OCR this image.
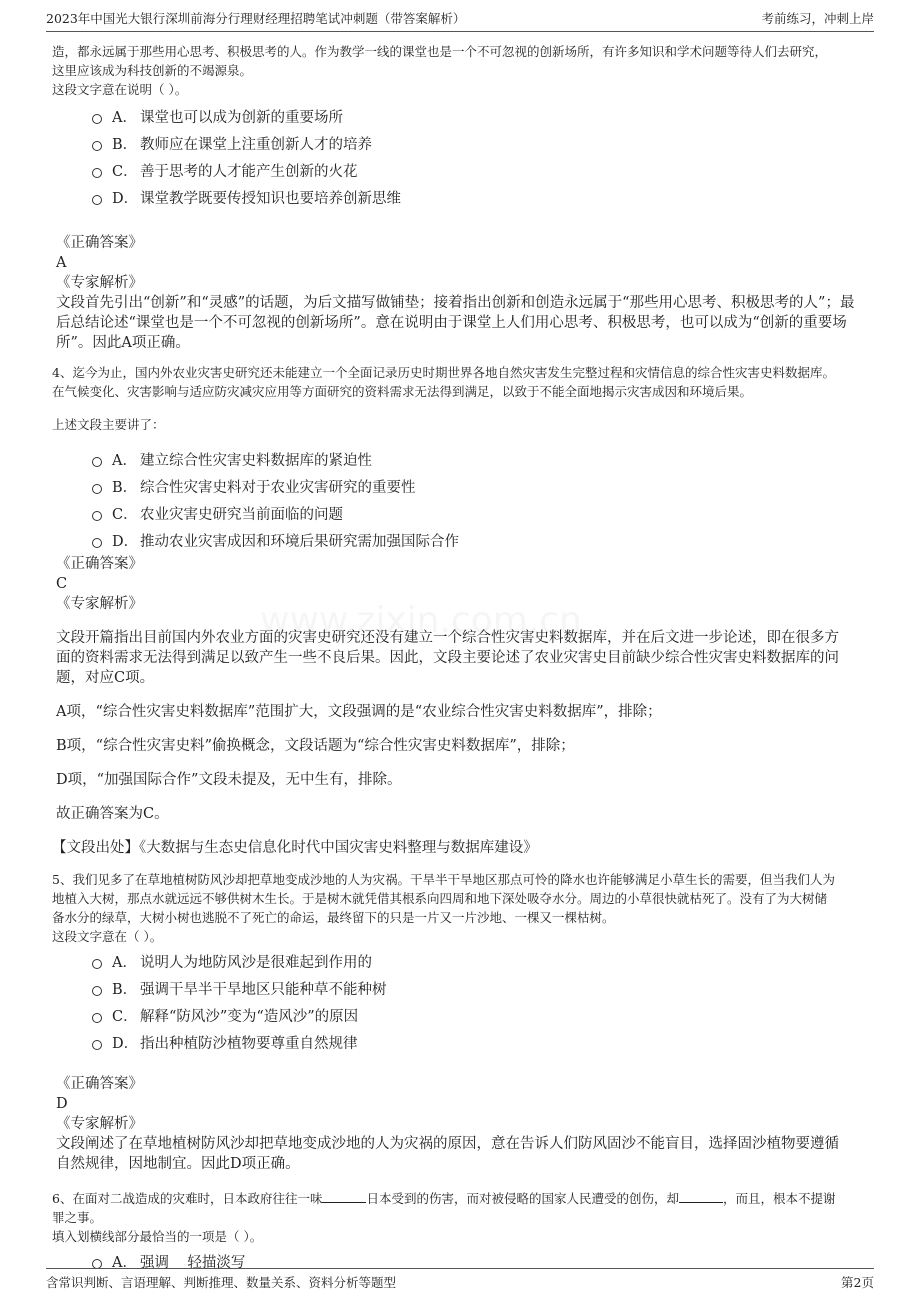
2023年中国光大银行深圳前海分行理财经理招聘笔试冲刺题（带答案解析）	考前练习，冲刺上岸

造，都永远属于那些用心思考、积极思考的人。作为教学一线的课堂也是一个不可忽视的创新场所，有许多知识和学术问题等待人们去研究，

这里应该成为科技创新的不竭源泉。

这段文字意在说明（ ）。

A． 课堂也可以成为创新的重要场所
B． 教师应在课堂上注重创新人才的培养
C． 善于思考的人才能产生创新的火花
D． 课堂教学既要传授知识也要培养创新思维

《正确答案》

A

《专家解析》

文段首先引出“创新”和“灵感”的话题，为后文描写做铺垫；接着指出创新和创造永远属于“那些用心思考、积极思考的人”；最

后总结论述“课堂也是一个不可忽视的创新场所”。意在说明由于课堂上人们用心思考、积极思考，也可以成为“创新的重要场

所”。因此A项正确。

4、迄今为止，国内外农业灾害史研究还未能建立一个全面记录历史时期世界各地自然灾害发生完整过程和灾情信息的综合性灾害史料数据库。

在气候变化、灾害影响与适应防灾减灾应用等方面研究的资料需求无法得到满足，以致于不能全面地揭示灾害成因和环境后果。

上述文段主要讲了：

A． 建立综合性灾害史料数据库的紧迫性
B． 综合性灾害史料对于农业灾害研究的重要性
C． 农业灾害史研究当前面临的问题
D． 推动农业灾害成因和环境后果研究需加强国际合作

《正确答案》

C

《专家解析》

文段开篇指出目前国内外农业方面的灾害史研究还没有建立一个综合性灾害史料数据库，并在后文进一步论述，即在很多方

面的资料需求无法得到满足以致产生一些不良后果。因此，文段主要论述了农业灾害史目前缺少综合性灾害史料数据库的问

题，对应C项。

A项，“综合性灾害史料数据库”范围扩大，文段强调的是“农业综合性灾害史料数据库”，排除；

B项，“综合性灾害史料”偷换概念，文段话题为“综合性灾害史料数据库”，排除；

D项，“加强国际合作”文段未提及，无中生有，排除。

故正确答案为C。

【文段出处】《大数据与生态史信息化时代中国灾害史料整理与数据库建设》

5、我们见多了在草地植树防风沙却把草地变成沙地的人为灾祸。干旱半干旱地区那点可怜的降水也许能够满足小草生长的需要，但当我们人为

地植入大树，那点水就远远不够供树木生长。于是树木就凭借其根系向四周和地下深处吸夺水分。周边的小草很快就枯死了。没有了为大树储

备水分的绿草，大树小树也逃脱不了死亡的命运，最终留下的只是一片又一片沙地、一棵又一棵枯树。

这段文字意在（ ）。

A． 说明人为地防风沙是很难起到作用的
B． 强调干旱半干旱地区只能种草不能种树
C． 解释“防风沙”变为“造风沙”的原因
D． 指出种植防沙植物要尊重自然规律

《正确答案》

D

《专家解析》

文段阐述了在草地植树防风沙却把草地变成沙地的人为灾祸的原因，意在告诉人们防风固沙不能盲目，选择固沙植物要遵循

自然规律，因地制宜。因此D项正确。

6、在面对二战造成的灾难时，日本政府往往一味	日本受到的伤害，而对被侵略的国家人民遭受的创伤，却	，而且，根本不提谢

罪之事。

填入划横线部分最恰当的一项是（ ）。

A． 强调    轻描淡写
含常识判断、言语理解、判断推理、数量关系、资料分析等题型	第2页
